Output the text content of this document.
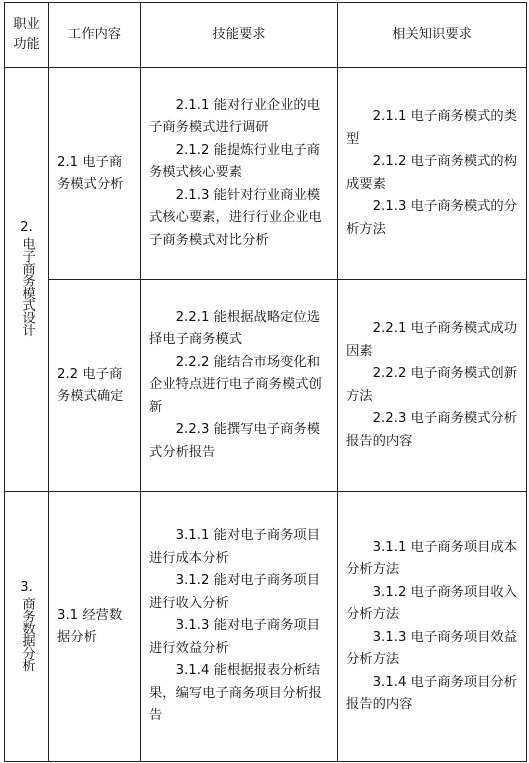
职业功能	工作内容	技能要求	相关知识要求

2.
电子商务模式设计	2.1 电子商务模式分析	2.1.1 能对行业企业的电子商务模式进行调研
2.1.2 能提炼行业电子商务模式核心要素
2.1.3 能针对行业商业模式核心要素，进行行业企业电子商务模式对比分析	2.1.1 电子商务模式的类型
2.1.2 电子商务模式的构成要素
2.1.3 电子商务模式的分析方法

	2.2 电子商务模式确定	2.2.1 能根据战略定位选择电子商务模式
2.2.2 能结合市场变化和企业特点进行电子商务模式创新
2.2.3 能撰写电子商务模式分析报告	2.2.1 电子商务模式成功因素
2.2.2 电子商务模式创新方法
2.2.3 电子商务模式分析报告的内容

3.
商务数据分析	3.1 经营数据分析	3.1.1 能对电子商务项目进行成本分析
3.1.2 能对电子商务项目进行收入分析
3.1.3 能对电子商务项目进行效益分析
3.1.4 能根据报表分析结果，编写电子商务项目分析报告	3.1.1 电子商务项目成本分析方法
3.1.2 电子商务项目收入分析方法
3.1.3 电子商务项目效益分析方法
3.1.4 电子商务项目分析报告的内容
